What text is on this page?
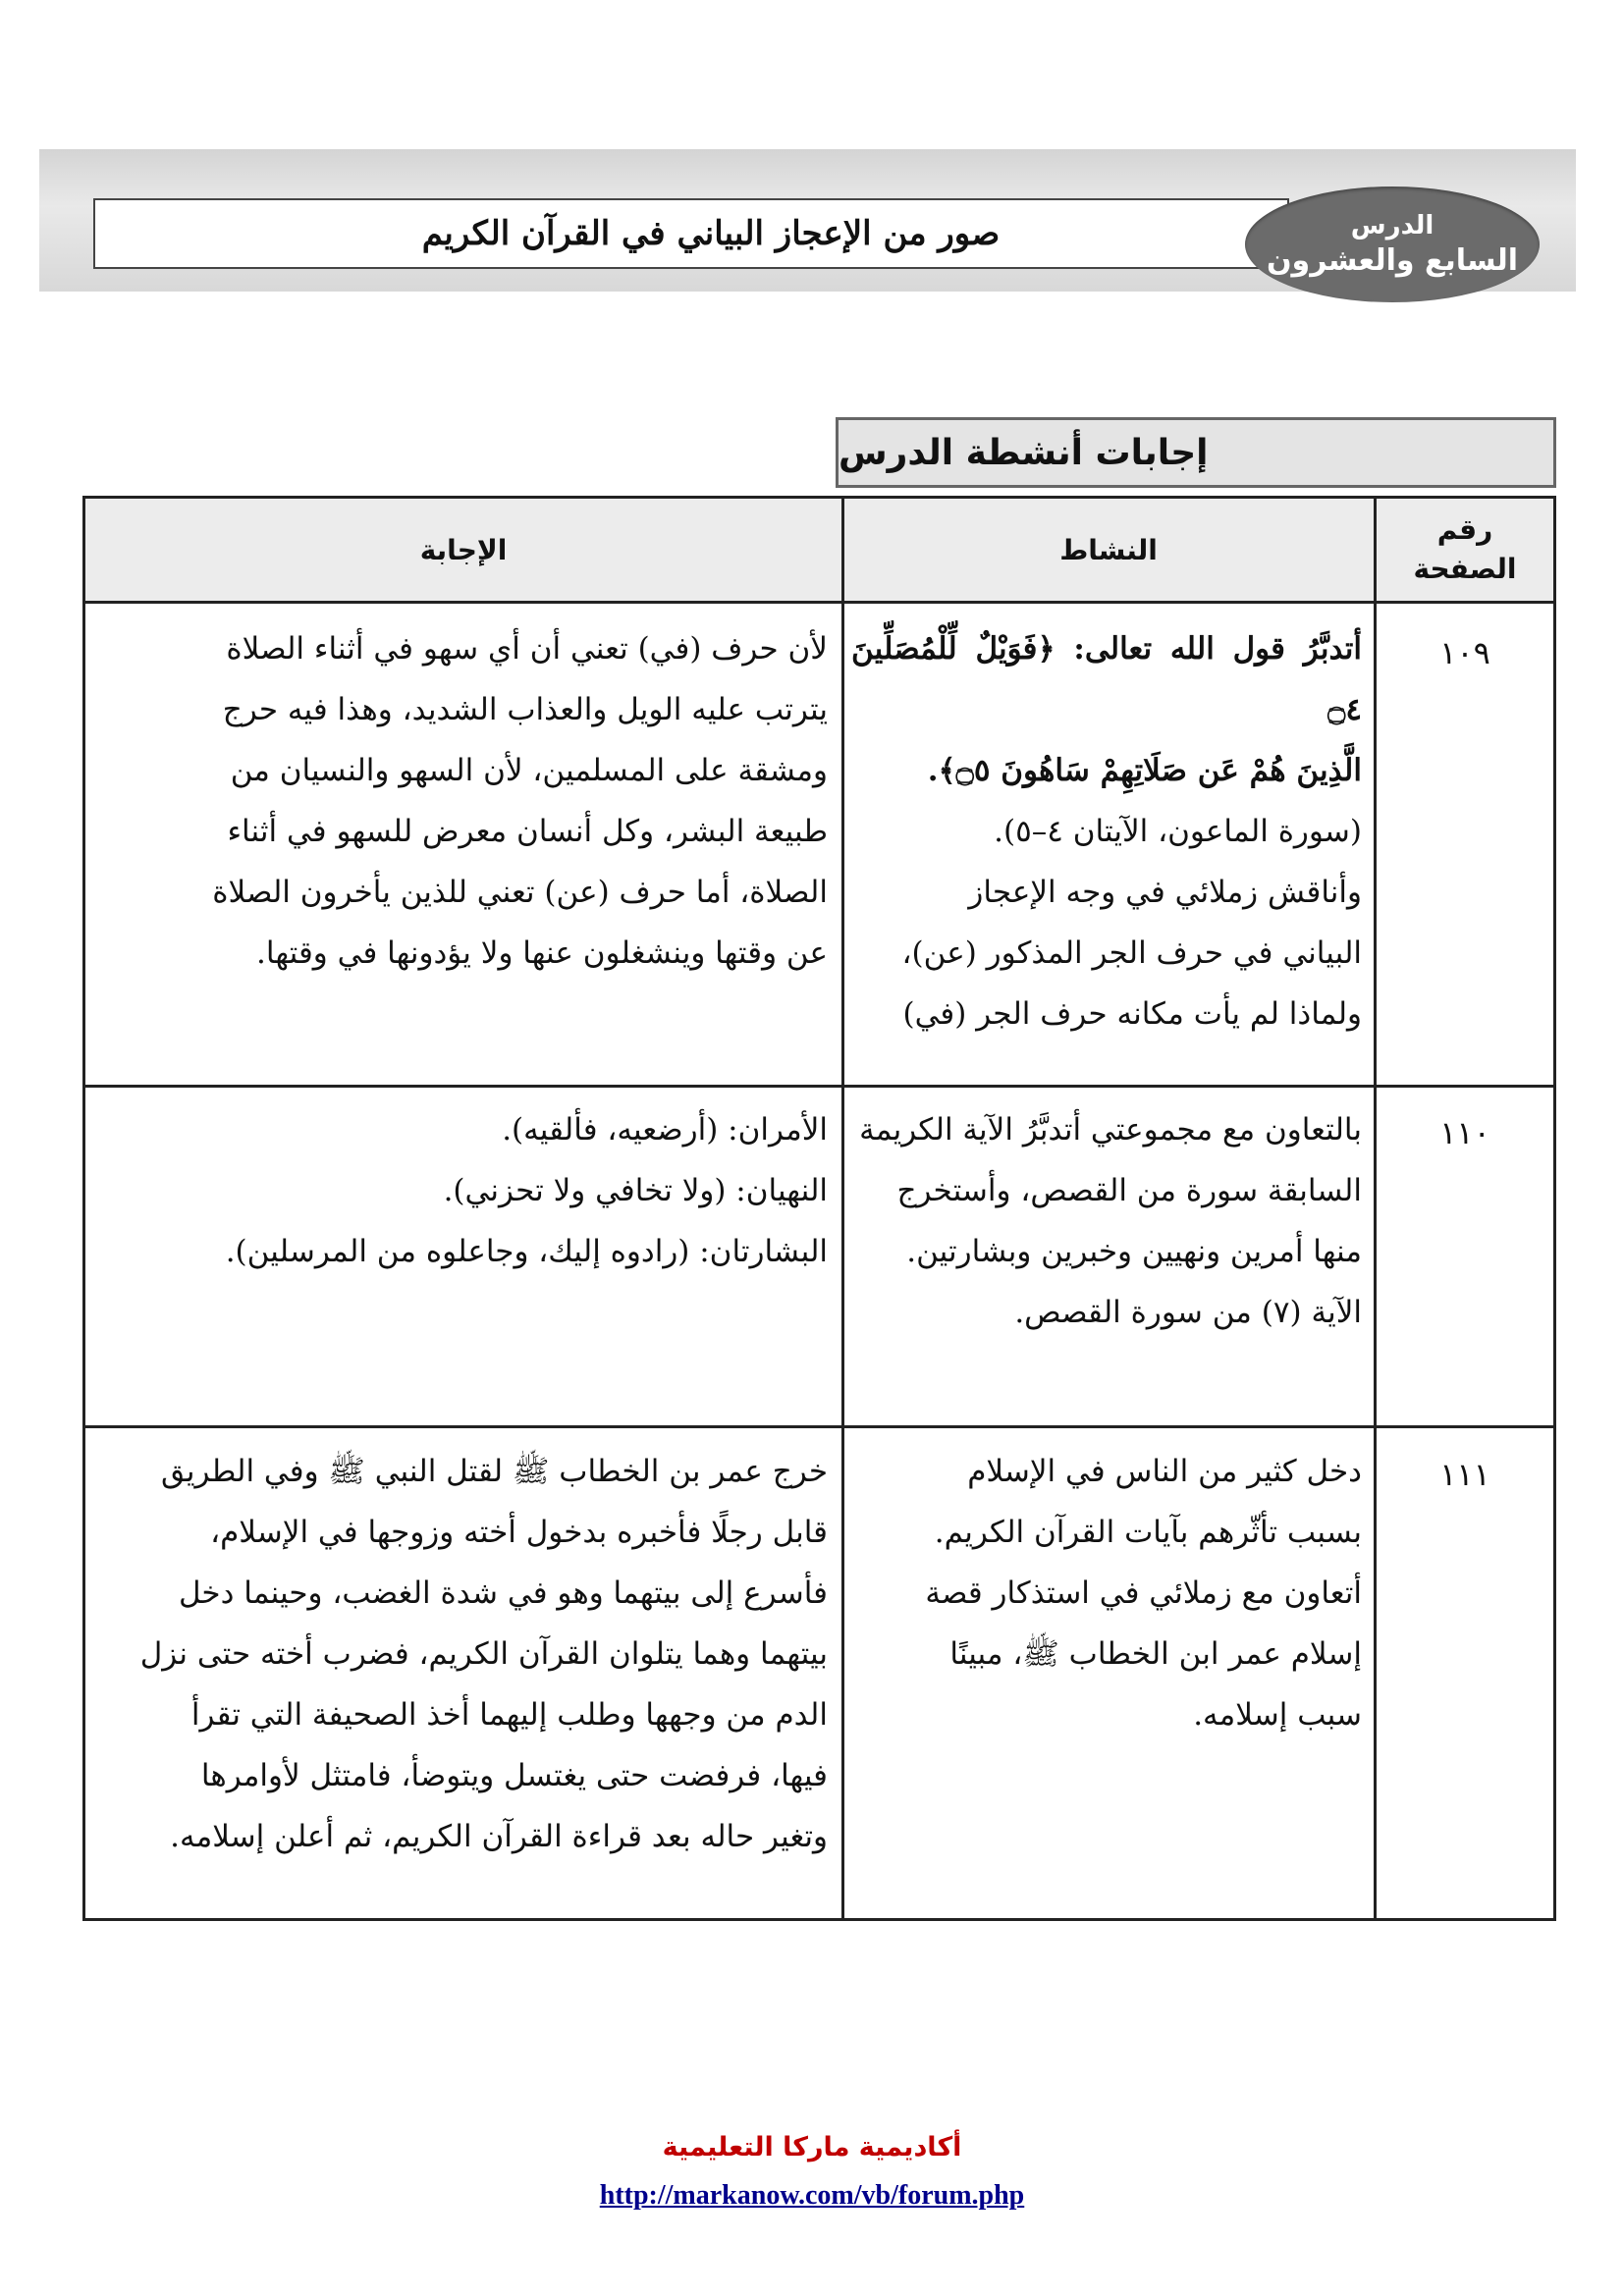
صور من الإعجاز البياني في القرآن الكريم	الدرس
السابع والعشرون
إجابات أنشطة الدرس
رقم الصفحة
النشاط
الإجابة
١٠٩
أتدبَّرُ قول الله تعالى: ﴿فَوَيْلٌ لِّلْمُصَلِّينَ ۝٤
الَّذِينَ هُمْ عَن صَلَاتِهِمْ سَاهُونَ ۝٥﴾.
(سورة الماعون، الآيتان ٤–٥).
وأناقش زملائي في وجه الإعجاز
البياني في حرف الجر المذكور (عن)،
ولماذا لم يأت مكانه حرف الجر (في)
لأن حرف (في) تعني أن أي سهو في أثناء الصلاة
يترتب عليه الويل والعذاب الشديد، وهذا فيه حرج
ومشقة على المسلمين، لأن السهو والنسيان من
طبيعة البشر، وكل أنسان معرض للسهو في أثناء
الصلاة، أما حرف (عن) تعني للذين يأخرون الصلاة
عن وقتها وينشغلون عنها ولا يؤدونها في وقتها.
١١٠
بالتعاون مع مجموعتي أتدبَّرُ الآية الكريمة
السابقة سورة من القصص، وأستخرج
منها أمرين ونهيين وخبرين وبشارتين.
الآية (٧) من سورة القصص.
الأمران: (أرضعيه، فألقيه).
النهيان: (ولا تخافي ولا تحزني).
البشارتان: (رادوه إليك، وجاعلوه من المرسلين).
١١١
دخل كثير من الناس في الإسلام
بسبب تأثّرهم بآيات القرآن الكريم.
أتعاون مع زملائي في استذكار قصة
إسلام عمر ابن الخطاب ﷺ، مبينًا
سبب إسلامه.
خرج عمر بن الخطاب ﷺ لقتل النبي ﷺ وفي الطريق
قابل رجلًا فأخبره بدخول أخته وزوجها في الإسلام،
فأسرع إلى بيتهما وهو في شدة الغضب، وحينما دخل
بيتهما وهما يتلوان القرآن الكريم، فضرب أخته حتى نزل
الدم من وجهها وطلب إليهما أخذ الصحيفة التي تقرأ
فيها، فرفضت حتى يغتسل ويتوضأ، فامتثل لأوامرها
وتغير حاله بعد قراءة القرآن الكريم، ثم أعلن إسلامه.
أكاديمية ماركا التعليمية
http://markanow.com/vb/forum.php
